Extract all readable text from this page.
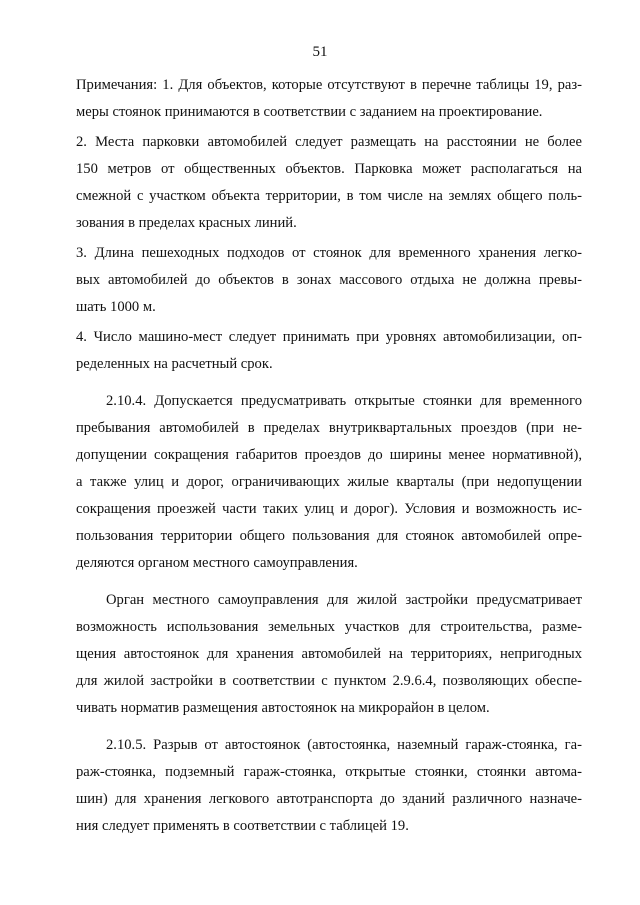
51
Примечания: 1. Для объектов, которые отсутствуют в перечне таблицы 19, раз-
меры стоянок принимаются в соответствии с заданием на проектирование.
2. Места парковки автомобилей следует размещать на расстоянии не более
150 метров от общественных объектов. Парковка может располагаться на
смежной с участком объекта территории, в том числе на землях общего поль-
зования в пределах красных линий.
3. Длина пешеходных подходов от стоянок для временного хранения легко-
вых автомобилей до объектов в зонах массового отдыха не должна превы-
шать 1000 м.
4. Число машино-мест следует принимать при уровнях автомобилизации, оп-
ределенных на расчетный срок.
2.10.4. Допускается предусматривать открытые стоянки для временного
пребывания автомобилей в пределах внутриквартальных проездов (при не-
допущении сокращения габаритов проездов до ширины менее нормативной),
а также улиц и дорог, ограничивающих жилые кварталы (при недопущении
сокращения проезжей части таких улиц и дорог). Условия и возможность ис-
пользования территории общего пользования для стоянок автомобилей опре-
деляются органом местного самоуправления.
Орган местного самоуправления для жилой застройки предусматривает
возможность использования земельных участков для строительства, разме-
щения автостоянок для хранения автомобилей на территориях, непригодных
для жилой застройки в соответствии с пунктом 2.9.6.4, позволяющих обеспе-
чивать норматив размещения автостоянок на микрорайон в целом.
2.10.5. Разрыв от автостоянок (автостоянка, наземный гараж-стоянка, га-
раж-стоянка, подземный гараж-стоянка, открытые стоянки, стоянки автома-
шин) для хранения легкового автотранспорта до зданий различного назначе-
ния следует применять в соответствии с таблицей 19.
